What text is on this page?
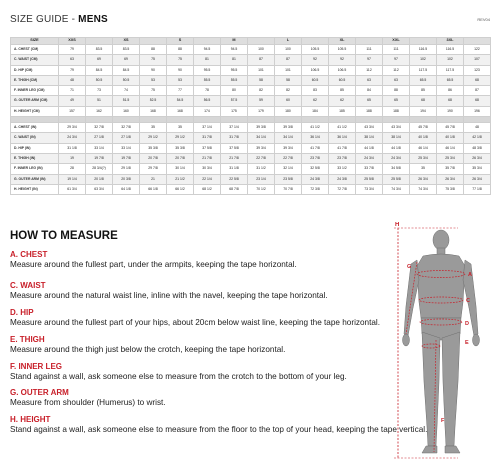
SIZE GUIDE - MENS	REV04
SIZE	XXS		XS		S		M		L		XL		XXL		3XL	
A. CHEST (CM)	79	83.5	83.5	88	88	94.5	94.5	100	100	105.5	105.5	111	111	116.5	116.5	122
C. WAIST (CM)	63	69	69	75	75	81	81	87	87	92	92	97	97	102	102	107
D. HIP (CM)	79	84.5	84.5	90	90	95.5	95.5	101	101	106.5	106.5	112	112	117.5	117.5	123
E. THIGH (CM)	48	50.5	50.5	53	53	55.5	55.5	58	58	60.5	60.5	63	63	65.5	65.5	68
F. INNER LEG (CM)	71	73	74	75	77	78	80	82	82	83	85	84	88	85	86	87
G. OUTER ARM (CM)	49	51	51.5	52.5	54.5	56.5	57.5	59	60	62	62	65	65	68	68	68
H. HEIGHT (CM)	157	162	160	168	168	174	175	179	180	184	185	188	188	194	190	196

A. CHEST (IN)	29 3/4	32 7/8	32 7/8	35	35	37 1/4	37 1/4	39 3/8	39 3/8	41 1/2	41 1/2	43 3/4	43 3/4	45 7/8	45 7/8	48
C. WAIST (IN)	24 3/4	27 1/8	27 1/8	29 1/2	29 1/2	31 7/8	31 7/8	34 1/4	34 1/4	36 1/4	36 1/4	38 1/4	38 1/4	40 1/8	40 1/8	42 1/8
D. HIP (IN)	31 1/8	33 1/4	33 1/4	35 3/8	35 3/8	37 5/8	37 5/8	39 3/4	39 3/4	41 7/8	41 7/8	44 1/8	44 1/8	46 1/4	46 1/4	48 3/8
E. THIGH (IN)	19	19 7/8	19 7/8	20 7/8	20 7/8	21 7/8	21 7/8	22 7/8	22 7/8	23 7/8	23 7/8	24 3/4	24 3/4	25 3/4	25 3/4	26 3/4
F. INNER LEG (IN)	28	28 3/4(?)	29 1/8	29 7/8	30 1/4	30 3/4	31 1/8	31 1/2	32 1/4	32 5/8	33 1/2	33 7/8	34 5/8	35	35 7/8	35 3/4
G. OUTER ARM (IN)	19 1/4	20 1/8	20 3/8	21	21 1/2	22 1/4	22 5/8	23 1/4	23 5/8	24 3/8	24 3/8	25 5/8	25 5/8	26 3/4	26 3/4	26 3/4
H. HEIGHT (IN)	61 3/4	63 3/4	64 1/8	66 1/8	66 1/2	68 1/2	68 7/8	70 1/2	70 7/8	72 3/8	72 7/8	73 3/4	74 3/4	74 3/4	75 3/8	77 1/8
HOW TO MEASURE
A. CHEST
Measure around the fullest part, under the armpits, keeping the tape horizontal.
C. WAIST
Measure around the natural waist line, inline with the navel, keeping the tape horizontal.
D. HIP
Measure around the fullest part of your hips, about 20cm below waist line, keeping the tape horizontal.
E. THIGH
Measure around the thigh just below the crotch, keeping the tape horizontal.
F. INNER LEG
Stand against a wall, ask someone else to measure from the crotch to the bottom of your leg.
G. OUTER ARM
Measure from shoulder (Humerus) to wrist.
H. HEIGHT
Stand against a wall, ask someone else to measure from the floor to the top of your head, keeping the tape vertical.
H
G
A
C
D
E
F
